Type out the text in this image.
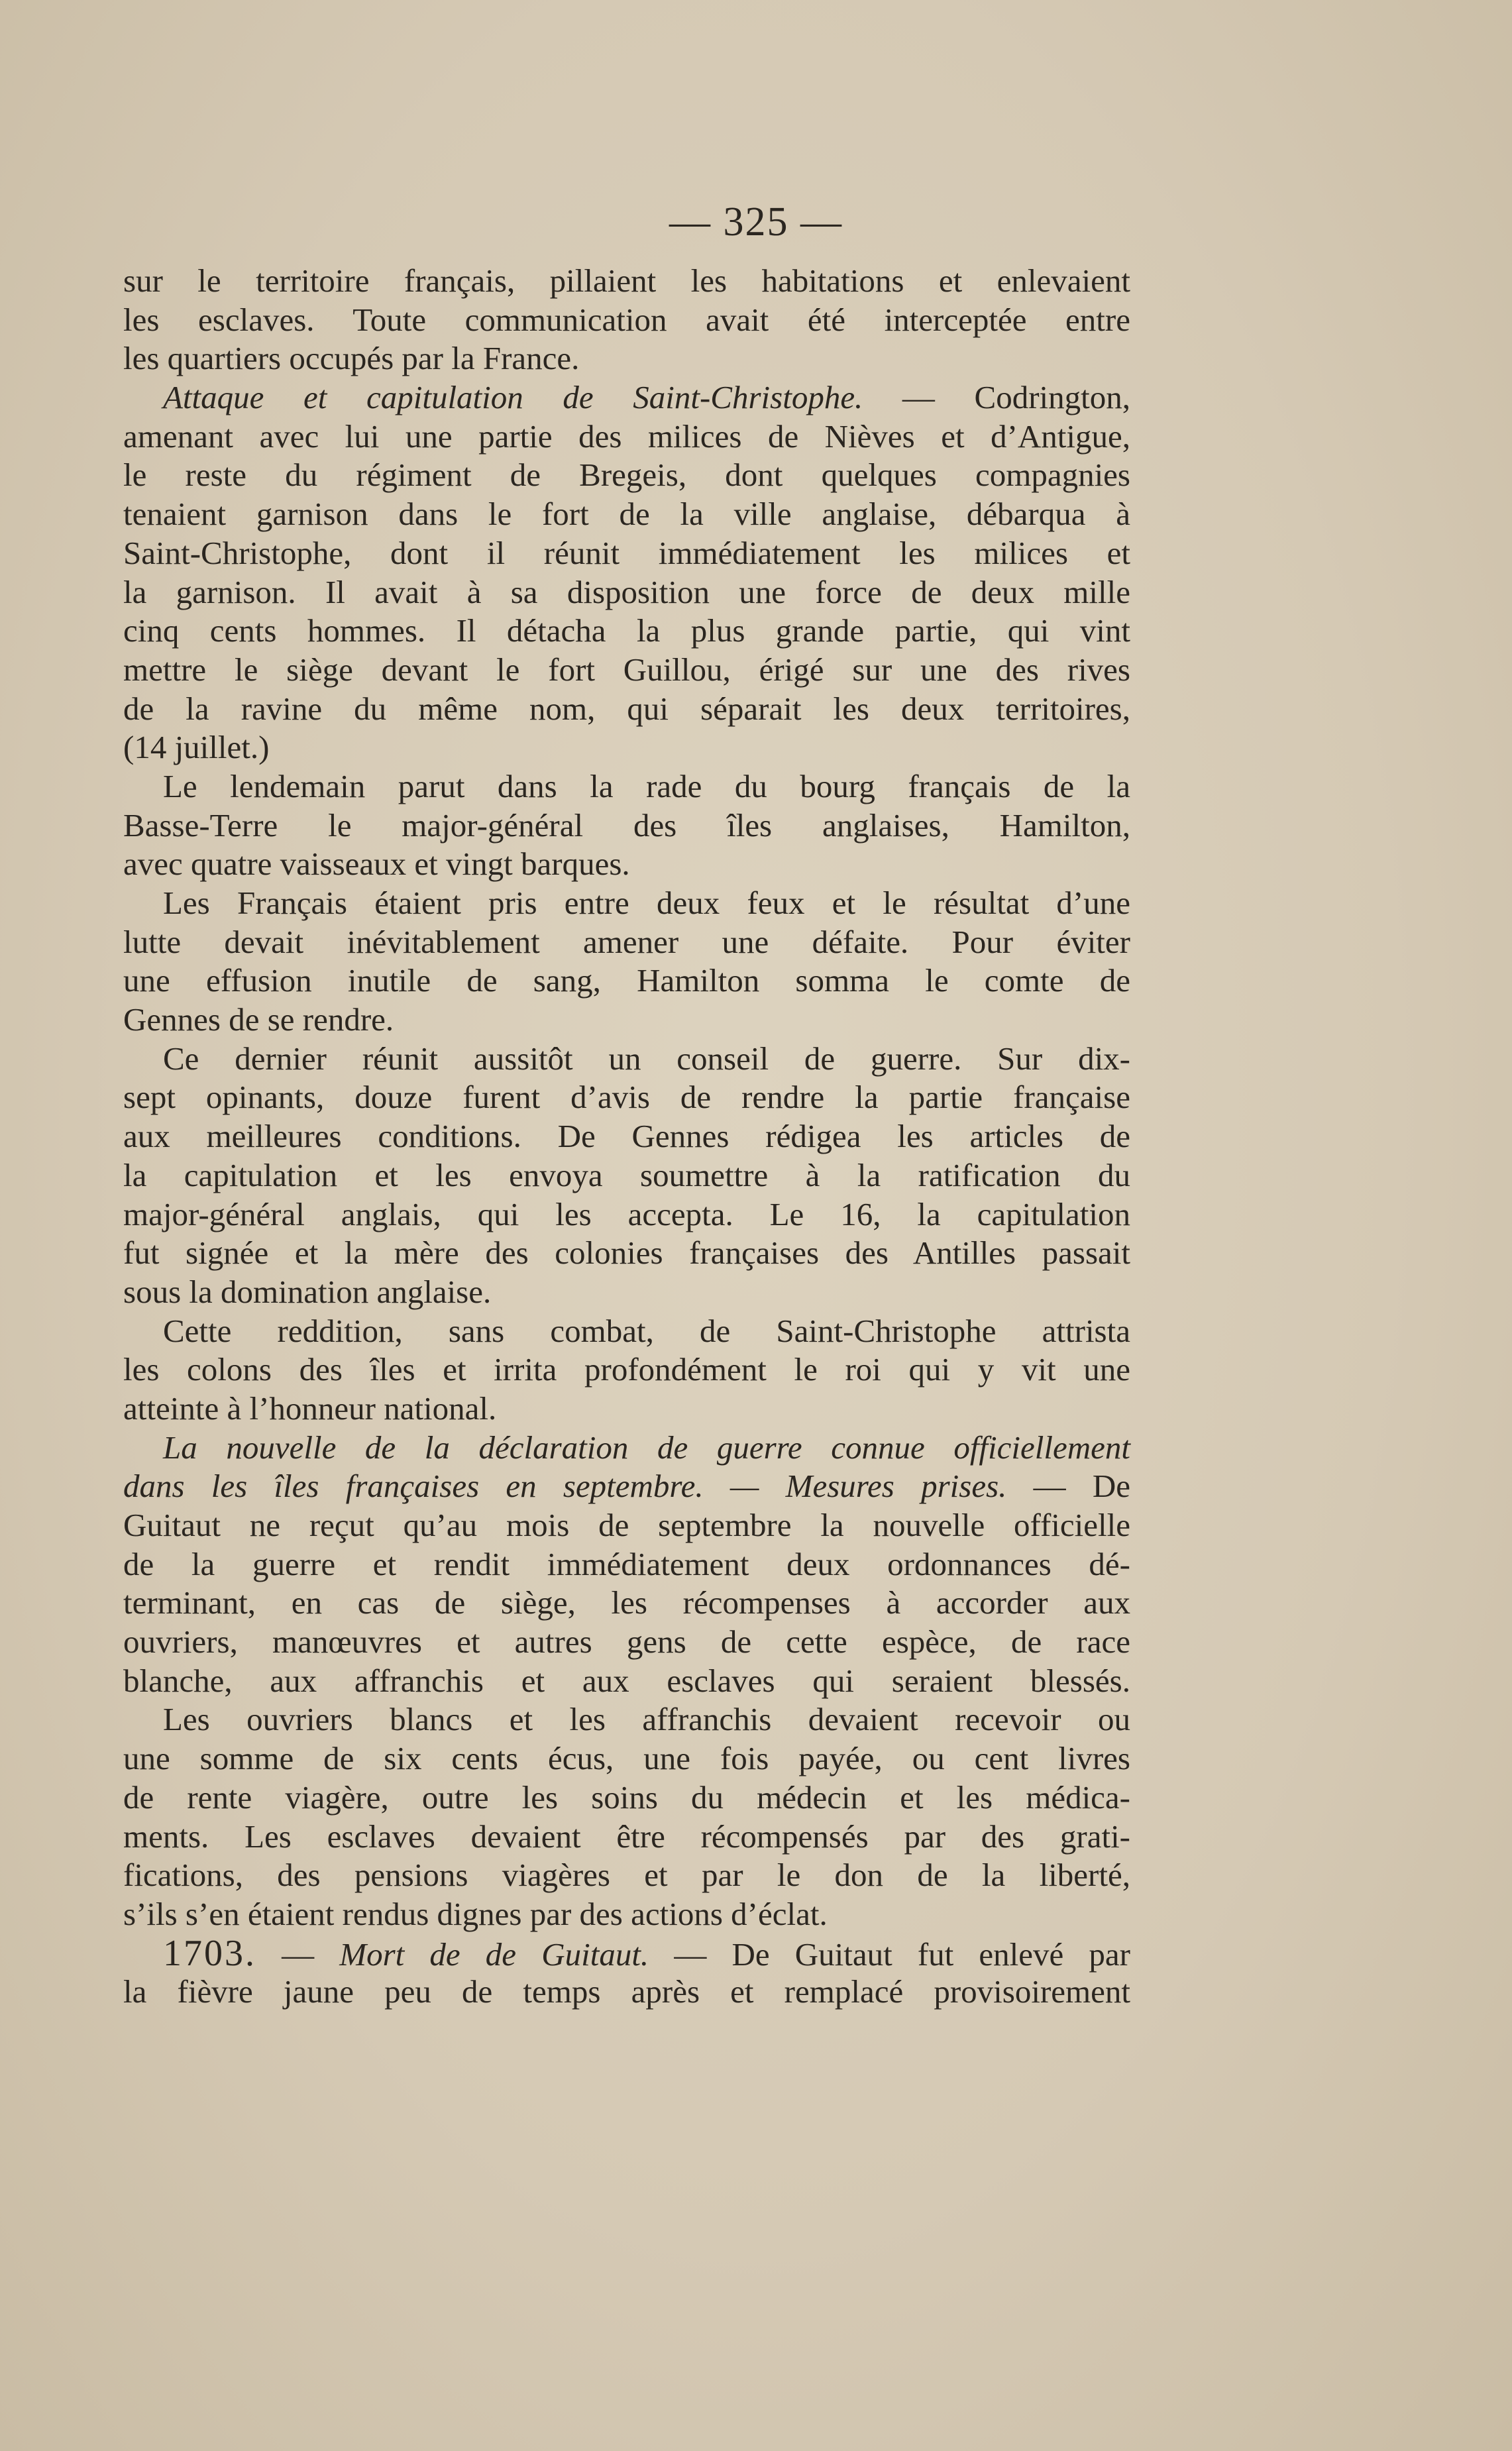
— 325 —
sur le territoire français, pillaient les habitations et enlevaient
les esclaves. Toute communication avait été interceptée entre
les quartiers occupés par la France.
Attaque et capitulation de Saint-Christophe. — Codrington,
amenant avec lui une partie des milices de Nièves et d’Antigue,
le reste du régiment de Bregeis, dont quelques compagnies
tenaient garnison dans le fort de la ville anglaise, débarqua à
Saint-Christophe, dont il réunit immédiatement les milices et
la garnison. Il avait à sa disposition une force de deux mille
cinq cents hommes. Il détacha la plus grande partie, qui vint
mettre le siège devant le fort Guillou, érigé sur une des rives
de la ravine du même nom, qui séparait les deux territoires,
(14 juillet.)
Le lendemain parut dans la rade du bourg français de la
Basse-Terre le major-général des îles anglaises, Hamilton,
avec quatre vaisseaux et vingt barques.
Les Français étaient pris entre deux feux et le résultat d’une
lutte devait inévitablement amener une défaite. Pour éviter
une effusion inutile de sang, Hamilton somma le comte de
Gennes de se rendre.
Ce dernier réunit aussitôt un conseil de guerre. Sur dix-
sept opinants, douze furent d’avis de rendre la partie française
aux meilleures conditions. De Gennes rédigea les articles de
la capitulation et les envoya soumettre à la ratification du
major-général anglais, qui les accepta. Le 16, la capitulation
fut signée et la mère des colonies françaises des Antilles passait
sous la domination anglaise.
Cette reddition, sans combat, de Saint-Christophe attrista
les colons des îles et irrita profondément le roi qui y vit une
atteinte à l’honneur national.
La nouvelle de la déclaration de guerre connue officiellement
dans les îles françaises en septembre. — Mesures prises. — De
Guitaut ne reçut qu’au mois de septembre la nouvelle officielle
de la guerre et rendit immédiatement deux ordonnances dé-
terminant, en cas de siège, les récompenses à accorder aux
ouvriers, manœuvres et autres gens de cette espèce, de race
blanche, aux affranchis et aux esclaves qui seraient blessés.
Les ouvriers blancs et les affranchis devaient recevoir ou
une somme de six cents écus, une fois payée, ou cent livres
de rente viagère, outre les soins du médecin et les médica-
ments. Les esclaves devaient être récompensés par des grati-
fications, des pensions viagères et par le don de la liberté,
s’ils s’en étaient rendus dignes par des actions d’éclat.
1703. — Mort de de Guitaut. — De Guitaut fut enlevé par
la fièvre jaune peu de temps après et remplacé provisoirement
